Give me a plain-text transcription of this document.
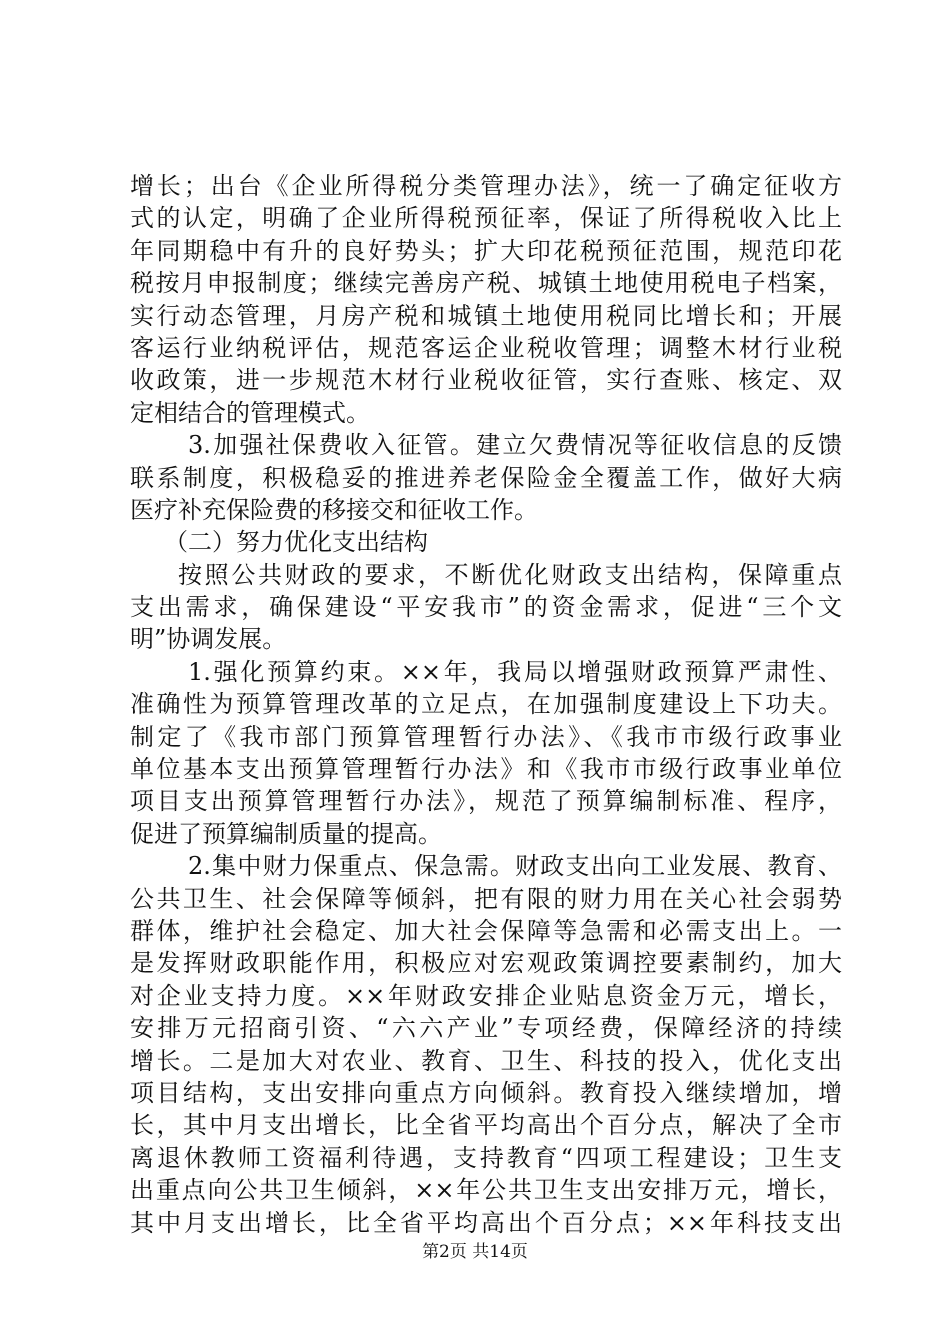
增长；出台《企业所得税分类管理办法》，统一了确定征收方
式的认定，明确了企业所得税预征率，保证了所得税收入比上
年同期稳中有升的良好势头；扩大印花税预征范围，规范印花
税按月申报制度；继续完善房产税、城镇土地使用税电子档案，
实行动态管理，月房产税和城镇土地使用税同比增长和；开展
客运行业纳税评估，规范客运企业税收管理；调整木材行业税
收政策，进一步规范木材行业税收征管，实行查账、核定、双
定相结合的管理模式。
3.加强社保费收入征管。建立欠费情况等征收信息的反馈
联系制度，积极稳妥的推进养老保险金全覆盖工作，做好大病
医疗补充保险费的移接交和征收工作。
（二）努力优化支出结构
按照公共财政的要求，不断优化财政支出结构，保障重点
支出需求，确保建设“平安我市”的资金需求，促进“三个文
明”协调发展。
1.强化预算约束。××年，我局以增强财政预算严肃性、
准确性为预算管理改革的立足点，在加强制度建设上下功夫。
制定了《我市部门预算管理暂行办法》、《我市市级行政事业
单位基本支出预算管理暂行办法》和《我市市级行政事业单位
项目支出预算管理暂行办法》，规范了预算编制标准、程序，
促进了预算编制质量的提高。
2.集中财力保重点、保急需。财政支出向工业发展、教育、
公共卫生、社会保障等倾斜，把有限的财力用在关心社会弱势
群体，维护社会稳定、加大社会保障等急需和必需支出上。一
是发挥财政职能作用，积极应对宏观政策调控要素制约，加大
对企业支持力度。××年财政安排企业贴息资金万元，增长，
安排万元招商引资、“六六产业”专项经费，保障经济的持续
增长。二是加大对农业、教育、卫生、科技的投入，优化支出
项目结构，支出安排向重点方向倾斜。教育投入继续增加，增
长，其中月支出增长，比全省平均高出个百分点，解决了全市
离退休教师工资福利待遇，支持教育“四项工程建设；卫生支
出重点向公共卫生倾斜，××年公共卫生支出安排万元，增长，
其中月支出增长，比全省平均高出个百分点；××年科技支出
第2页 共14页
